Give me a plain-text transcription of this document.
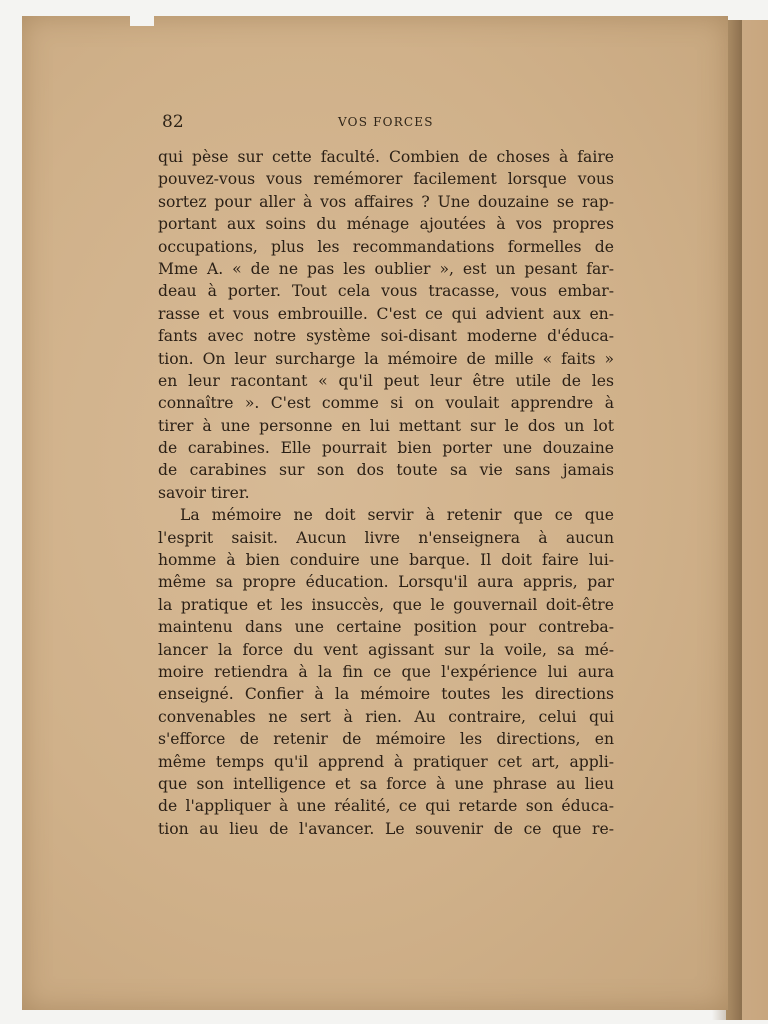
82	VOS FORCES
qui pèse sur cette faculté. Combien de choses à faire
pouvez-vous vous remémorer facilement lorsque vous
sortez pour aller à vos affaires ? Une douzaine se rap-
portant aux soins du ménage ajoutées à vos propres
occupations, plus les recommandations formelles de
Mme A. « de ne pas les oublier », est un pesant far-
deau à porter. Tout cela vous tracasse, vous embar-
rasse et vous embrouille. C'est ce qui advient aux en-
fants avec notre système soi-disant moderne d'éduca-
tion. On leur surcharge la mémoire de mille « faits »
en leur racontant « qu'il peut leur être utile de les
connaître ». C'est comme si on voulait apprendre à
tirer à une personne en lui mettant sur le dos un lot
de carabines. Elle pourrait bien porter une douzaine
de carabines sur son dos toute sa vie sans jamais
savoir tirer.
La mémoire ne doit servir à retenir que ce que
l'esprit saisit. Aucun livre n'enseignera à aucun
homme à bien conduire une barque. Il doit faire lui-
même sa propre éducation. Lorsqu'il aura appris, par
la pratique et les insuccès, que le gouvernail doit-être
maintenu dans une certaine position pour contreba-
lancer la force du vent agissant sur la voile, sa mé-
moire retiendra à la fin ce que l'expérience lui aura
enseigné. Confier à la mémoire toutes les directions
convenables ne sert à rien. Au contraire, celui qui
s'efforce de retenir de mémoire les directions, en
même temps qu'il apprend à pratiquer cet art, appli-
que son intelligence et sa force à une phrase au lieu
de l'appliquer à une réalité, ce qui retarde son éduca-
tion au lieu de l'avancer. Le souvenir de ce que re-
